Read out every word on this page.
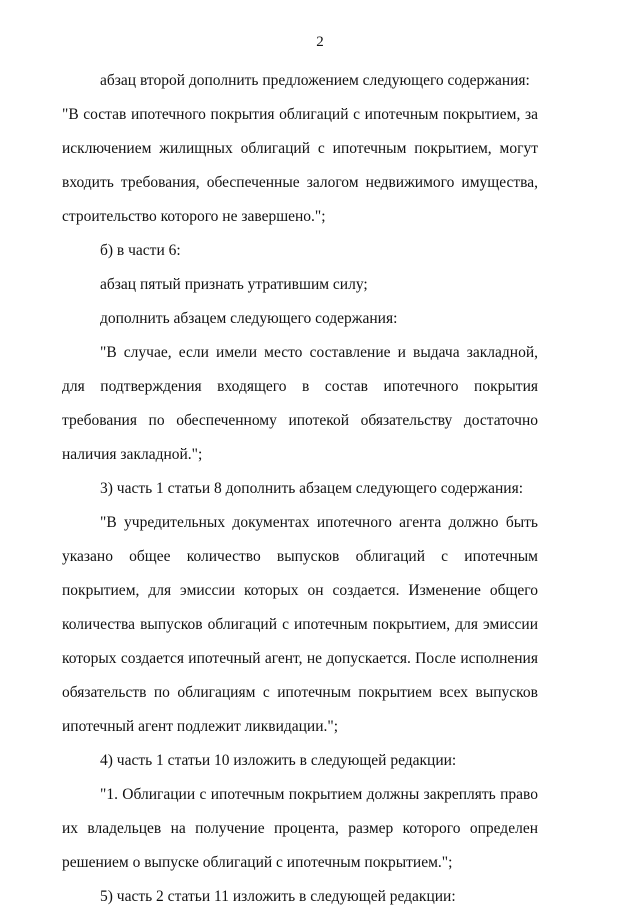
2

абзац второй дополнить предложением следующего содержания:

"В состав ипотечного покрытия облигаций с ипотечным покрытием, за исключением жилищных облигаций с ипотечным покрытием, могут входить требования, обеспеченные залогом недвижимого имущества, строительство которого не завершено.";

б) в части 6:

абзац пятый признать утратившим силу;

дополнить абзацем следующего содержания:

"В случае, если имели место составление и выдача закладной, для подтверждения входящего в состав ипотечного покрытия требования по обеспеченному ипотекой обязательству достаточно наличия закладной.";

3) часть 1 статьи 8 дополнить абзацем следующего содержания:

"В учредительных документах ипотечного агента должно быть указано общее количество выпусков облигаций с ипотечным покрытием, для эмиссии которых он создается. Изменение общего количества выпусков облигаций с ипотечным покрытием, для эмиссии которых создается ипотечный агент, не допускается. После исполнения обязательств по облигациям с ипотечным покрытием всех выпусков ипотечный агент подлежит ликвидации.";

4) часть 1 статьи 10 изложить в следующей редакции:

"1. Облигации с ипотечным покрытием должны закреплять право их владельцев на получение процента, размер которого определен решением о выпуске облигаций с ипотечным покрытием.";

5) часть 2 статьи 11 изложить в следующей редакции:
